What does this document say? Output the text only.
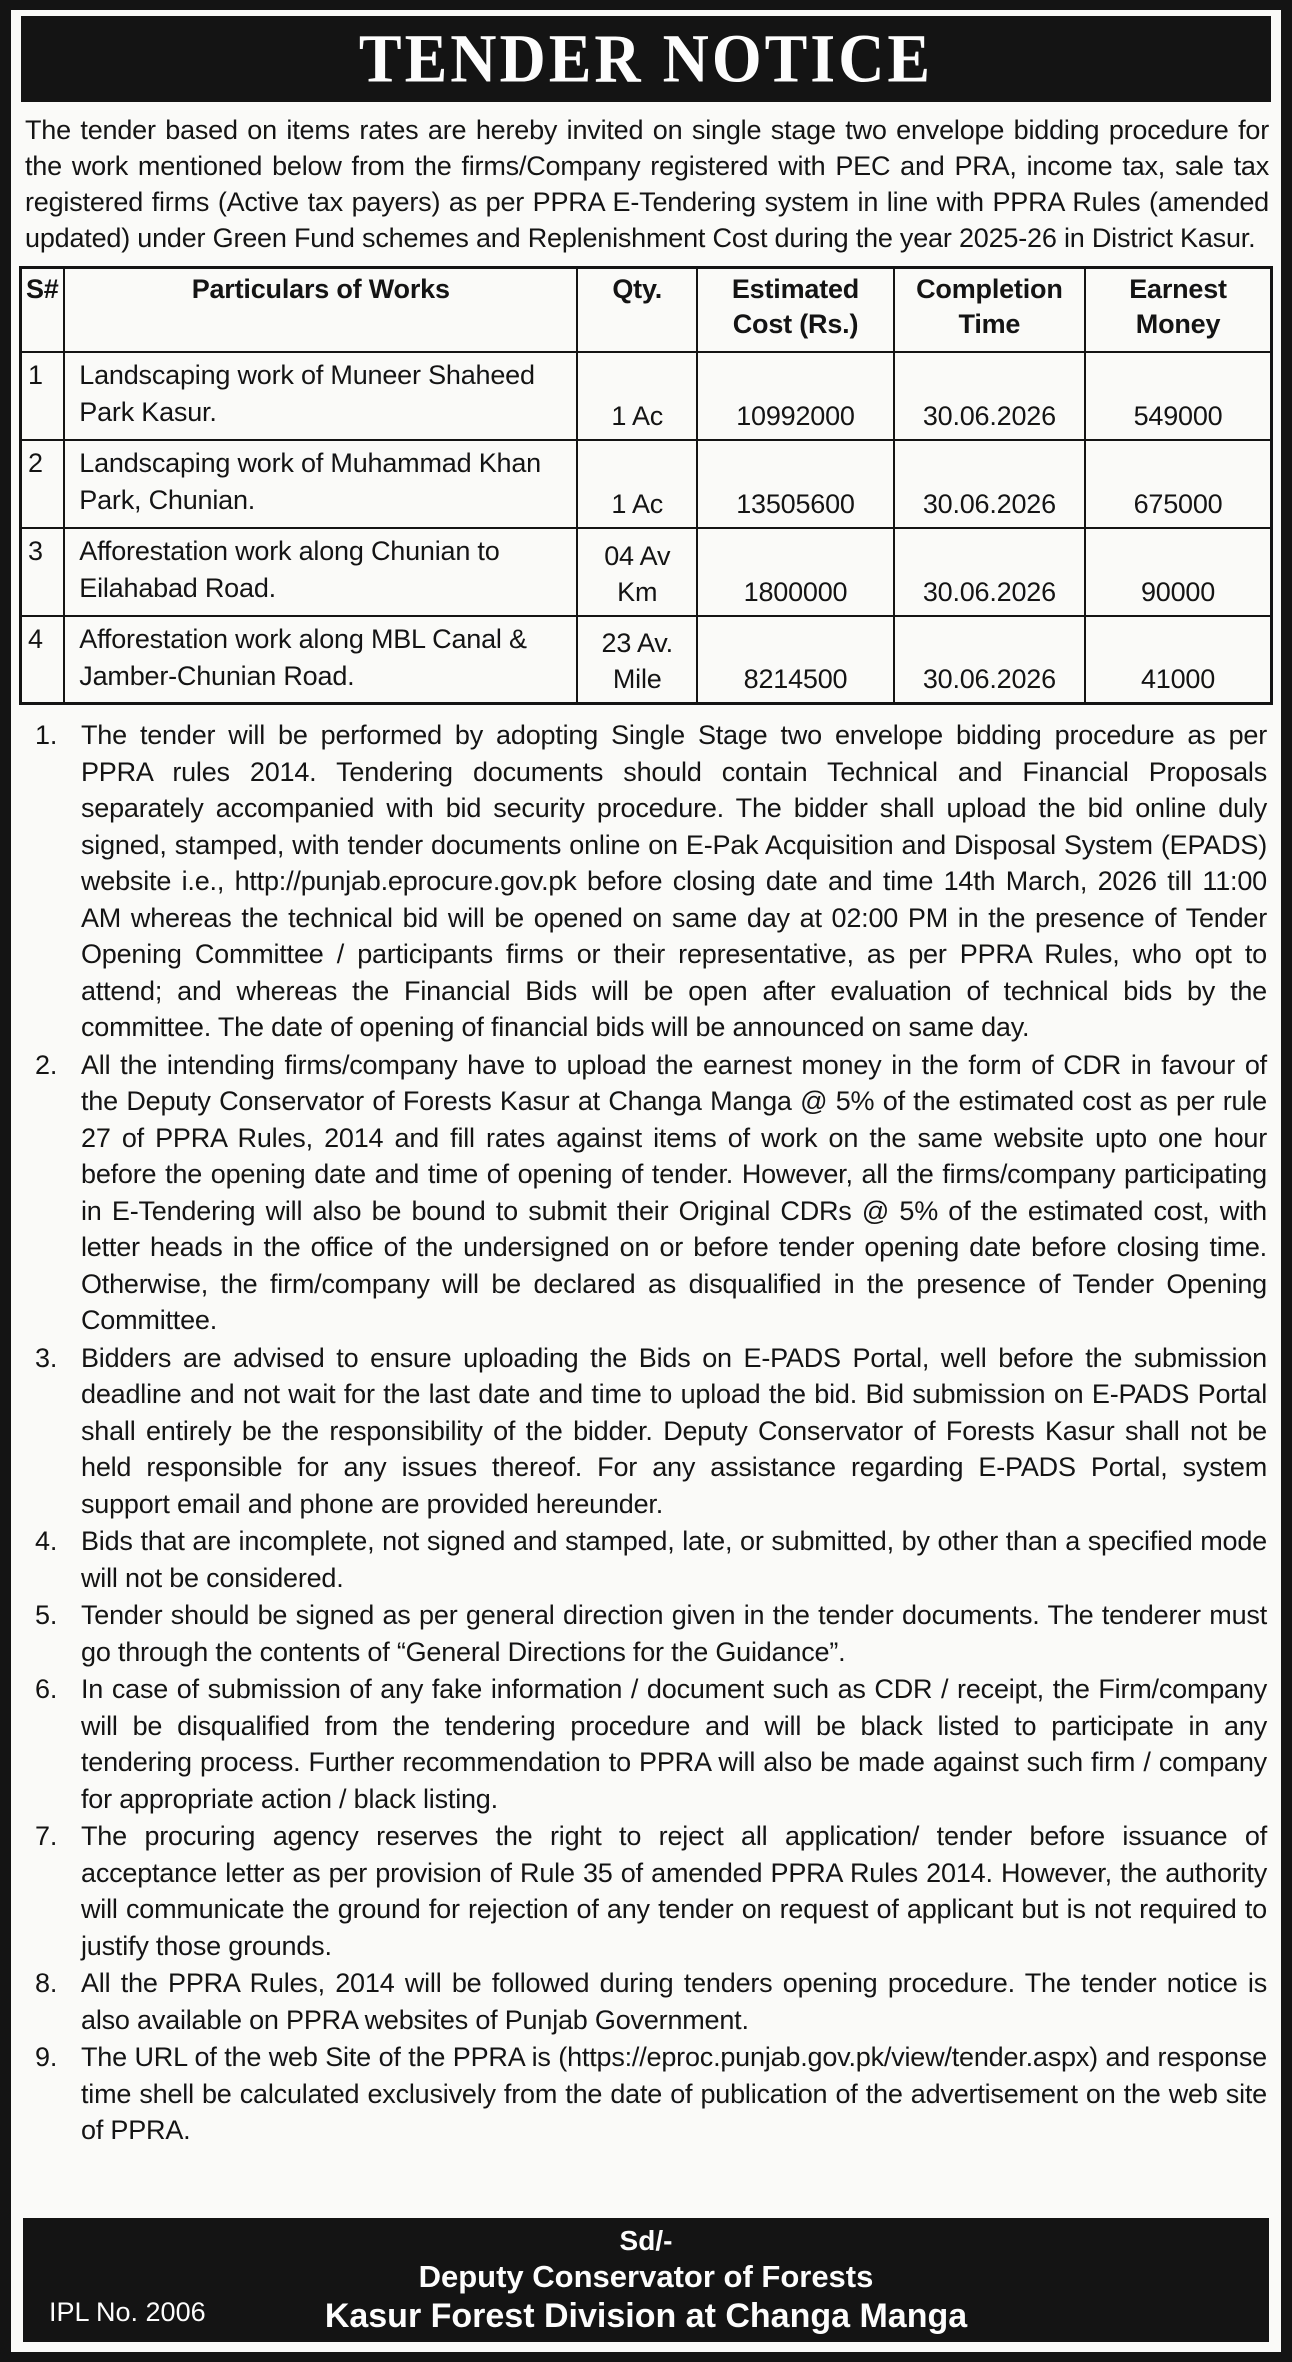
TENDER NOTICE

The tender based on items rates are hereby invited on single stage two envelope bidding procedure for the work mentioned below from the firms/Company registered with PEC and PRA, income tax, sale tax registered firms (Active tax payers) as per PPRA E-Tendering system in line with PPRA Rules (amended updated) under Green Fund schemes and Replenishment Cost during the year 2025-26 in District Kasur.

S#	Particulars of Works	Qty.	Estimated Cost (Rs.)	Completion Time	Earnest Money
1	Landscaping work of Muneer Shaheed Park Kasur.	1 Ac	10992000	30.06.2026	549000
2	Landscaping work of Muhammad Khan Park, Chunian.	1 Ac	13505600	30.06.2026	675000
3	Afforestation work along Chunian to Eilahabad Road.	04 Av Km	1800000	30.06.2026	90000
4	Afforestation work along MBL Canal & Jamber-Chunian Road.	23 Av. Mile	8214500	30.06.2026	41000
1. The tender will be performed by adopting Single Stage two envelope bidding procedure as per PPRA rules 2014. Tendering documents should contain Technical and Financial Proposals separately accompanied with bid security procedure. The bidder shall upload the bid online duly signed, stamped, with tender documents online on E-Pak Acquisition and Disposal System (EPADS) website i.e., http://punjab.eprocure.gov.pk before closing date and time 14th March, 2026 till 11:00 AM whereas the technical bid will be opened on same day at 02:00 PM in the presence of Tender Opening Committee / participants firms or their representative, as per PPRA Rules, who opt to attend; and whereas the Financial Bids will be open after evaluation of technical bids by the committee. The date of opening of financial bids will be announced on same day.
2. All the intending firms/company have to upload the earnest money in the form of CDR in favour of the Deputy Conservator of Forests Kasur at Changa Manga @ 5% of the estimated cost as per rule 27 of PPRA Rules, 2014 and fill rates against items of work on the same website upto one hour before the opening date and time of opening of tender. However, all the firms/company participating in E-Tendering will also be bound to submit their Original CDRs @ 5% of the estimated cost, with letter heads in the office of the undersigned on or before tender opening date before closing time. Otherwise, the firm/company will be declared as disqualified in the presence of Tender Opening Committee.
3. Bidders are advised to ensure uploading the Bids on E-PADS Portal, well before the submission deadline and not wait for the last date and time to upload the bid. Bid submission on E-PADS Portal shall entirely be the responsibility of the bidder. Deputy Conservator of Forests Kasur shall not be held responsible for any issues thereof. For any assistance regarding E-PADS Portal, system support email and phone are provided hereunder.
4. Bids that are incomplete, not signed and stamped, late, or submitted, by other than a specified mode will not be considered.
5. Tender should be signed as per general direction given in the tender documents. The tenderer must go through the contents of “General Directions for the Guidance”.
6. In case of submission of any fake information / document such as CDR / receipt, the Firm/company will be disqualified from the tendering procedure and will be black listed to participate in any tendering process. Further recommendation to PPRA will also be made against such firm / company for appropriate action / black listing.
7. The procuring agency reserves the right to reject all application/ tender before issuance of acceptance letter as per provision of Rule 35 of amended PPRA Rules 2014. However, the authority will communicate the ground for rejection of any tender on request of applicant but is not required to justify those grounds.
8. All the PPRA Rules, 2014 will be followed during tenders opening procedure. The tender notice is also available on PPRA websites of Punjab Government.
9. The URL of the web Site of the PPRA is (https://eproc.punjab.gov.pk/view/tender.aspx) and response time shell be calculated exclusively from the date of publication of the advertisement on the web site of PPRA.
Sd/-
Deputy Conservator of Forests
Kasur Forest Division at Changa Manga
IPL No. 2006
